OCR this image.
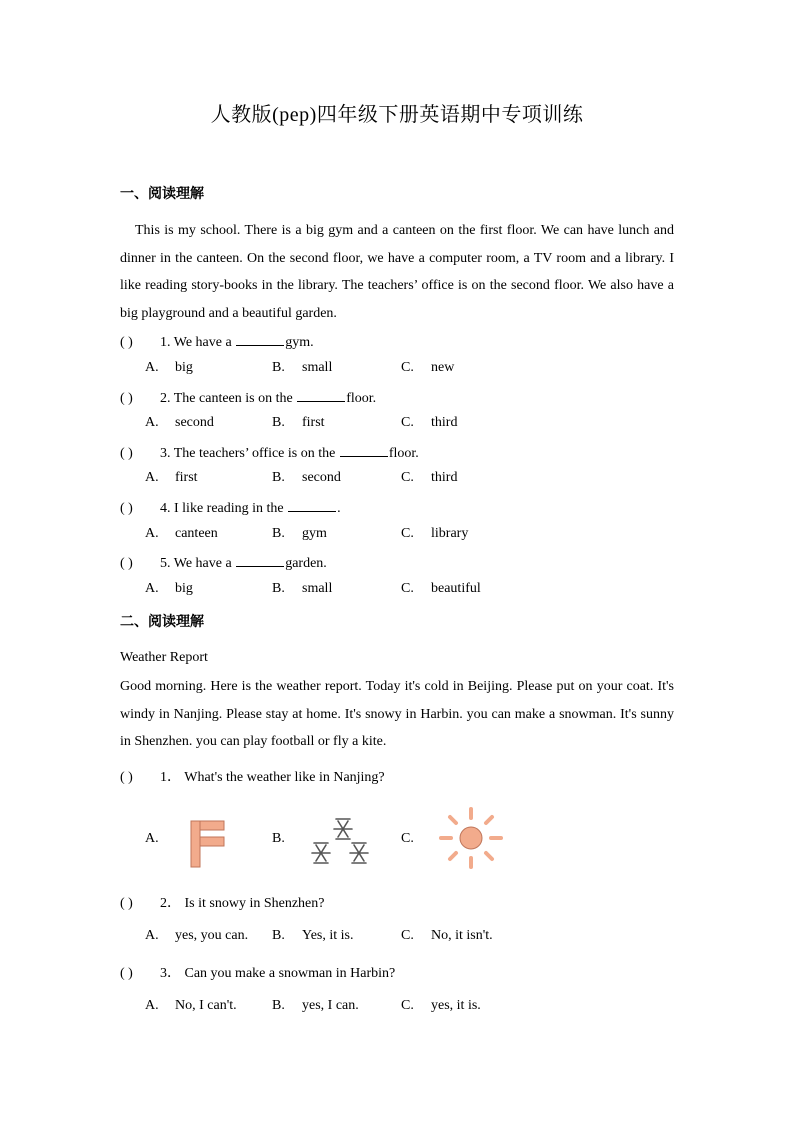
人教版(pep)四年级下册英语期中专项训练
一、阅读理解
This is my school. There is a big gym and a canteen on the first floor. We can have lunch and dinner in the canteen. On the second floor, we have a computer room, a TV room and a library. I like reading story-books in the library. The teachers’ office is on the second floor. We also have a big playground and a beautiful garden.
( ) 1. We have a	gym.
A. big	B. small	C. new
( ) 2. The canteen is on the	floor.
A. second	B. first	C. third
( ) 3. The teachers’ office is on the	floor.
A. first	B. second	C. third
( ) 4. I like reading in the	.
A. canteen	B. gym	C. library
( ) 5. We have a	garden.
A. big	B. small	C. beautiful
二、阅读理解
Weather Report
Good morning. Here is the weather report. Today it's cold in Beijing. Please put on your coat. It's windy in Nanjing. Please stay at home. It's snowy in Harbin. you can make a snowman. It's sunny in Shenzhen. you can play football or fly a kite.
( ) 1． What's the weather like in Nanjing?
A.	B.	C.
( ) 2． Is it snowy in Shenzhen?
A. yes, you can. B. Yes, it is.	C. No, it isn't.
( ) 3． Can you make a snowman in Harbin?
A. No, I can't.	B. yes, I can.	C. yes, it is.
